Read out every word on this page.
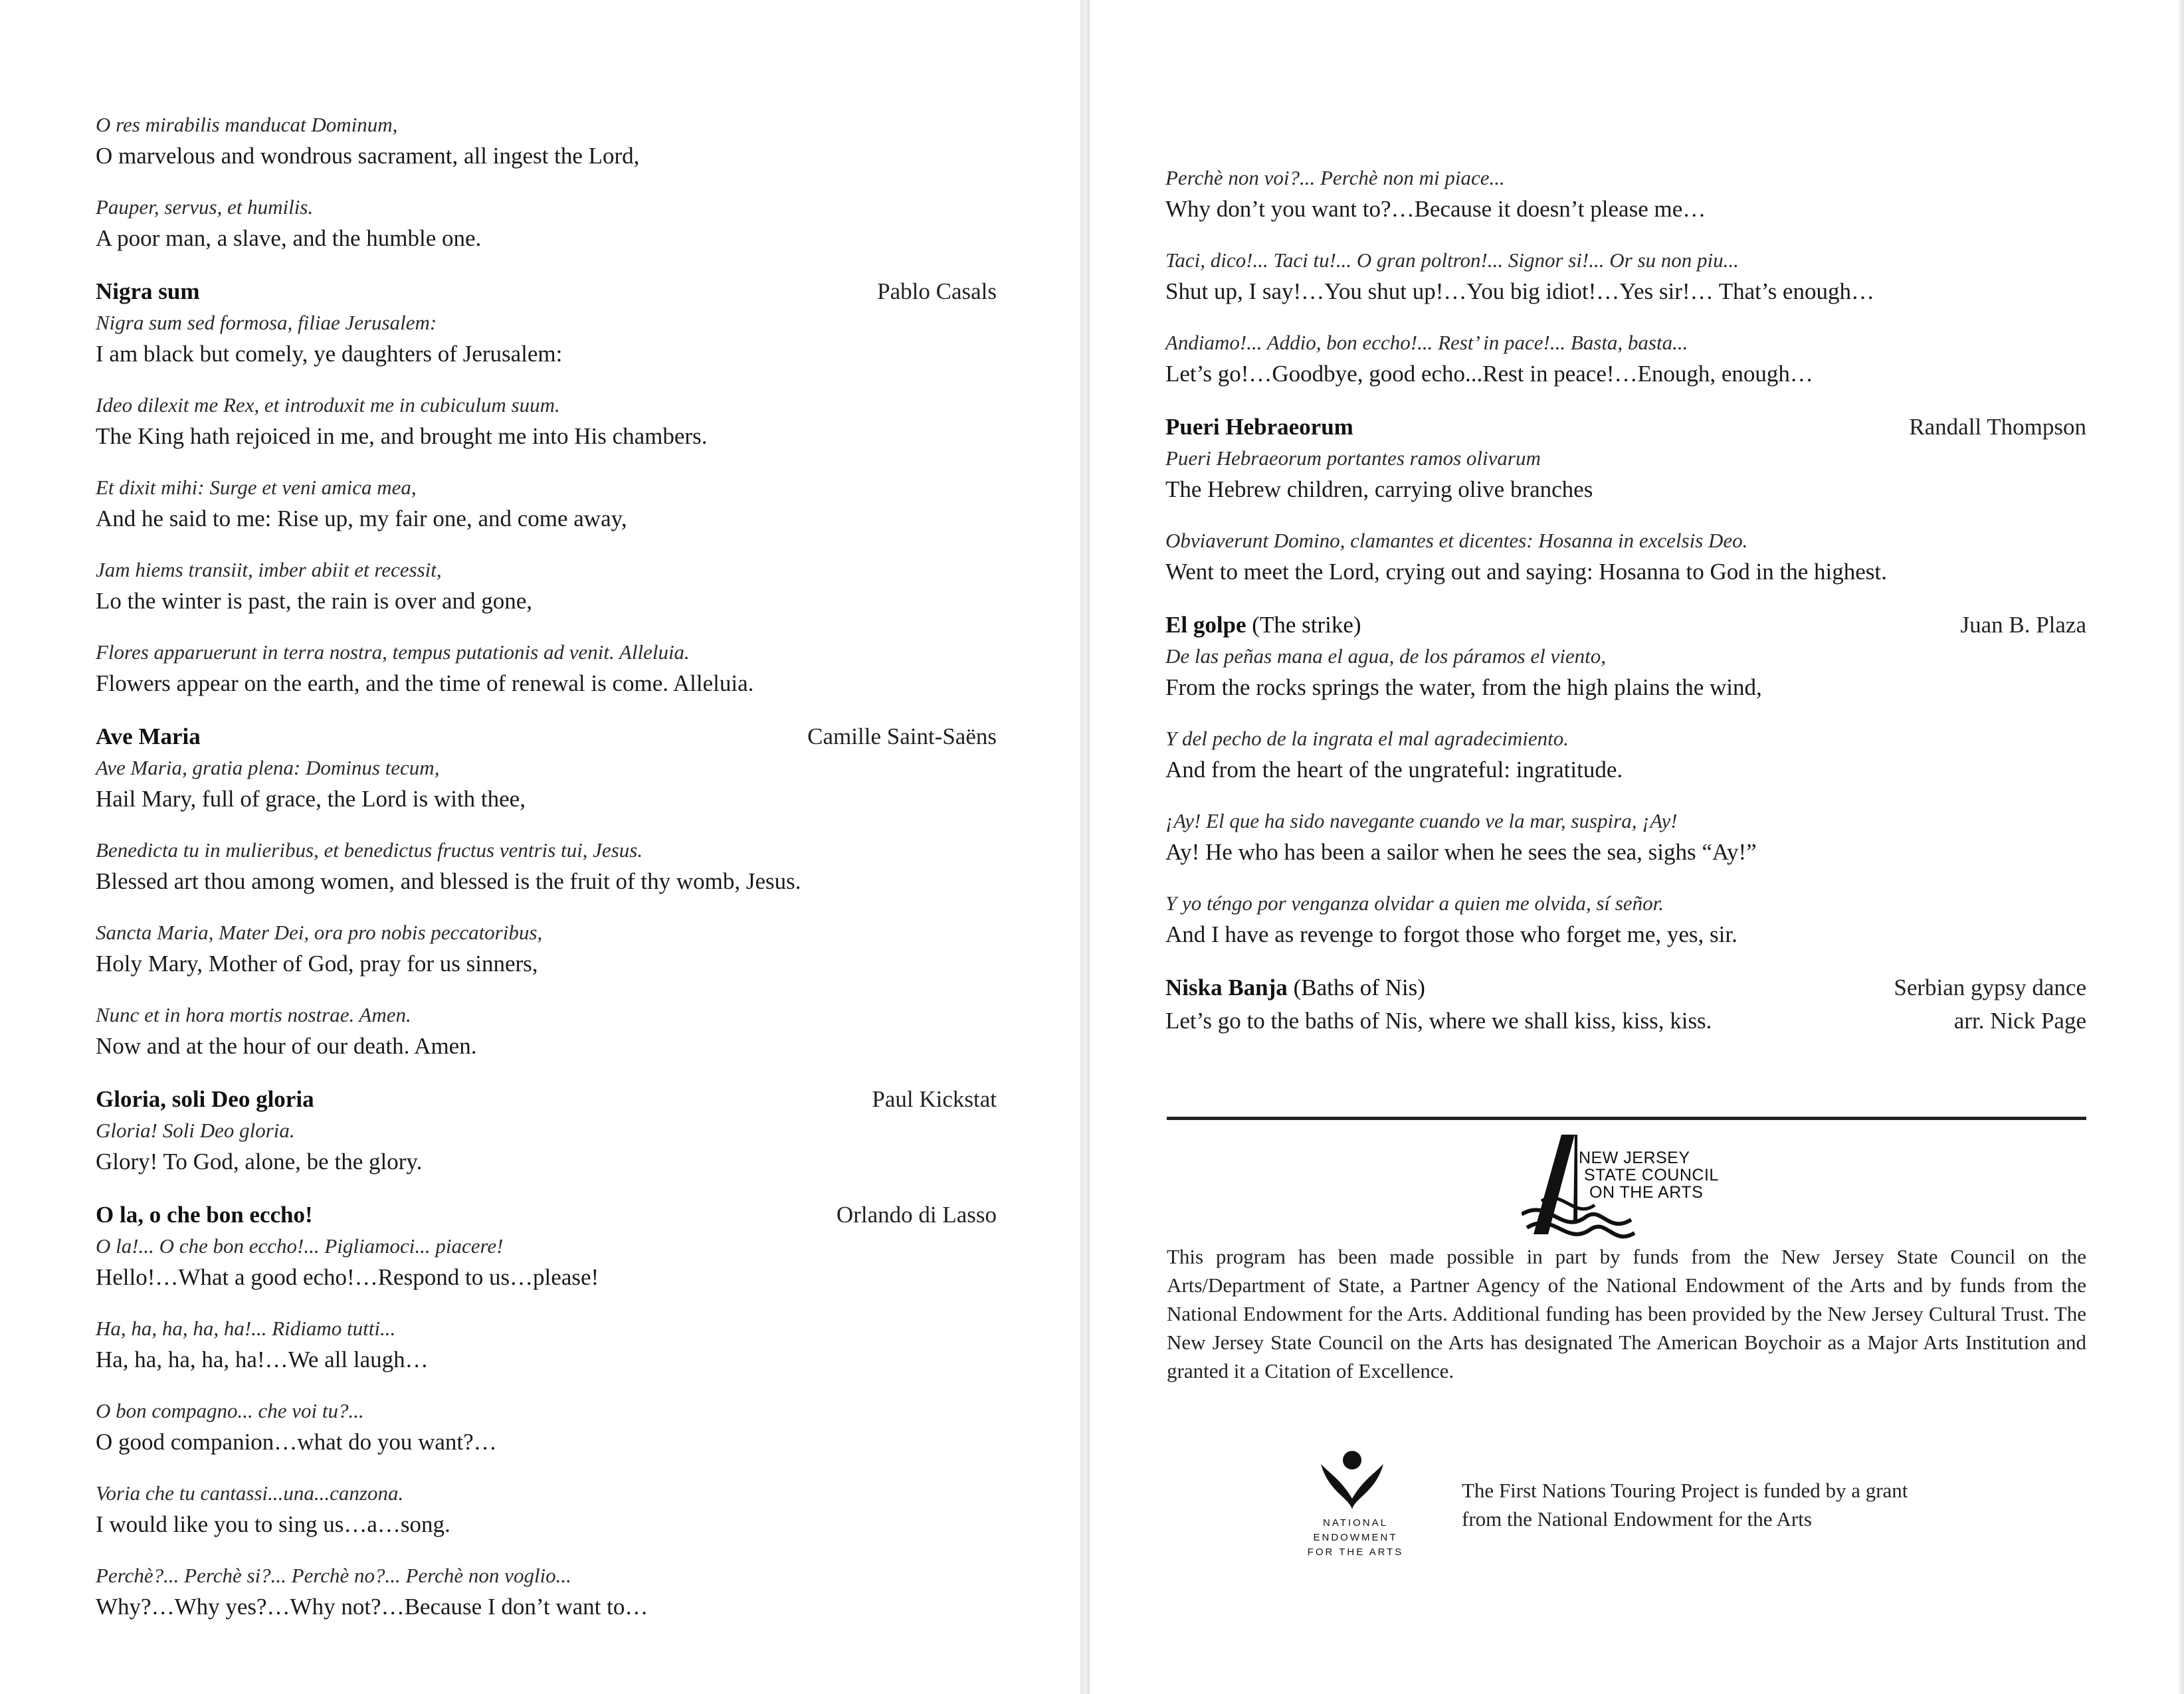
O res mirabilis manducat Dominum,
O marvelous and wondrous sacrament, all ingest the Lord,
Pauper, servus, et humilis.
A poor man, a slave, and the humble one.
Nigra sum	Pablo Casals
Nigra sum sed formosa, filiae Jerusalem:
I am black but comely, ye daughters of Jerusalem:
Ideo dilexit me Rex, et introduxit me in cubiculum suum.
The King hath rejoiced in me, and brought me into His chambers.
Et dixit mihi: Surge et veni amica mea,
And he said to me: Rise up, my fair one, and come away,
Jam hiems transiit, imber abiit et recessit,
Lo the winter is past, the rain is over and gone,
Flores apparuerunt in terra nostra, tempus putationis ad venit. Alleluia.
Flowers appear on the earth, and the time of renewal is come. Alleluia.
Ave Maria	Camille Saint-Saëns
Ave Maria, gratia plena: Dominus tecum,
Hail Mary, full of grace, the Lord is with thee,
Benedicta tu in mulieribus, et benedictus fructus ventris tui, Jesus.
Blessed art thou among women, and blessed is the fruit of thy womb, Jesus.
Sancta Maria, Mater Dei, ora pro nobis peccatoribus,
Holy Mary, Mother of God, pray for us sinners,
Nunc et in hora mortis nostrae. Amen.
Now and at the hour of our death. Amen.
Gloria, soli Deo gloria	Paul Kickstat
Gloria! Soli Deo gloria.
Glory! To God, alone, be the glory.
O la, o che bon eccho!	Orlando di Lasso
O la!... O che bon eccho!... Pigliamoci... piacere!
Hello!…What a good echo!…Respond to us…please!
Ha, ha, ha, ha, ha!... Ridiamo tutti...
Ha, ha, ha, ha, ha!…We all laugh…
O bon compagno... che voi tu?...
O good companion…what do you want?…
Voria che tu cantassi...una...canzona.
I would like you to sing us…a…song.
Perchè?... Perchè si?... Perchè no?... Perchè non voglio...
Why?…Why yes?…Why not?…Because I don’t want to…
Perchè non voi?... Perchè non mi piace...
Why don’t you want to?…Because it doesn’t please me…
Taci, dico!... Taci tu!... O gran poltron!... Signor si!... Or su non piu...
Shut up, I say!…You shut up!…You big idiot!…Yes sir!… That’s enough…
Andiamo!... Addio, bon eccho!... Rest’ in pace!... Basta, basta...
Let’s go!…Goodbye, good echo...Rest in peace!…Enough, enough…
Pueri Hebraeorum	Randall Thompson
Pueri Hebraeorum portantes ramos olivarum
The Hebrew children, carrying olive branches
Obviaverunt Domino, clamantes et dicentes: Hosanna in excelsis Deo.
Went to meet the Lord, crying out and saying: Hosanna to God in the highest.
El golpe (The strike)	Juan B. Plaza
De las peñas mana el agua, de los páramos el viento,
From the rocks springs the water, from the high plains the wind,
Y del pecho de la ingrata el mal agradecimiento.
And from the heart of the ungrateful: ingratitude.
¡Ay! El que ha sido navegante cuando ve la mar, suspira, ¡Ay!
Ay! He who has been a sailor when he sees the sea, sighs “Ay!”
Y yo téngo por venganza olvidar a quien me olvida, sí señor.
And I have as revenge to forgot those who forget me, yes, sir.
Niska Banja (Baths of Nis)	Serbian gypsy dance
Let’s go to the baths of Nis, where we shall kiss, kiss, kiss.	arr. Nick Page
NEW JERSEY
STATE COUNCIL
ON THE ARTS
This program has been made possible in part by funds from the New Jersey State Council on the Arts/Department of State, a Partner Agency of the National Endowment of the Arts and by funds from the National Endowment for the Arts. Additional funding has been provided by the New Jersey Cultural Trust. The New Jersey State Council on the Arts has designated The American Boychoir as a Major Arts Institution and granted it a Citation of Excellence.
NATIONAL
ENDOWMENT
FOR THE ARTS
The First Nations Touring Project is funded by a grant from the National Endowment for the Arts
